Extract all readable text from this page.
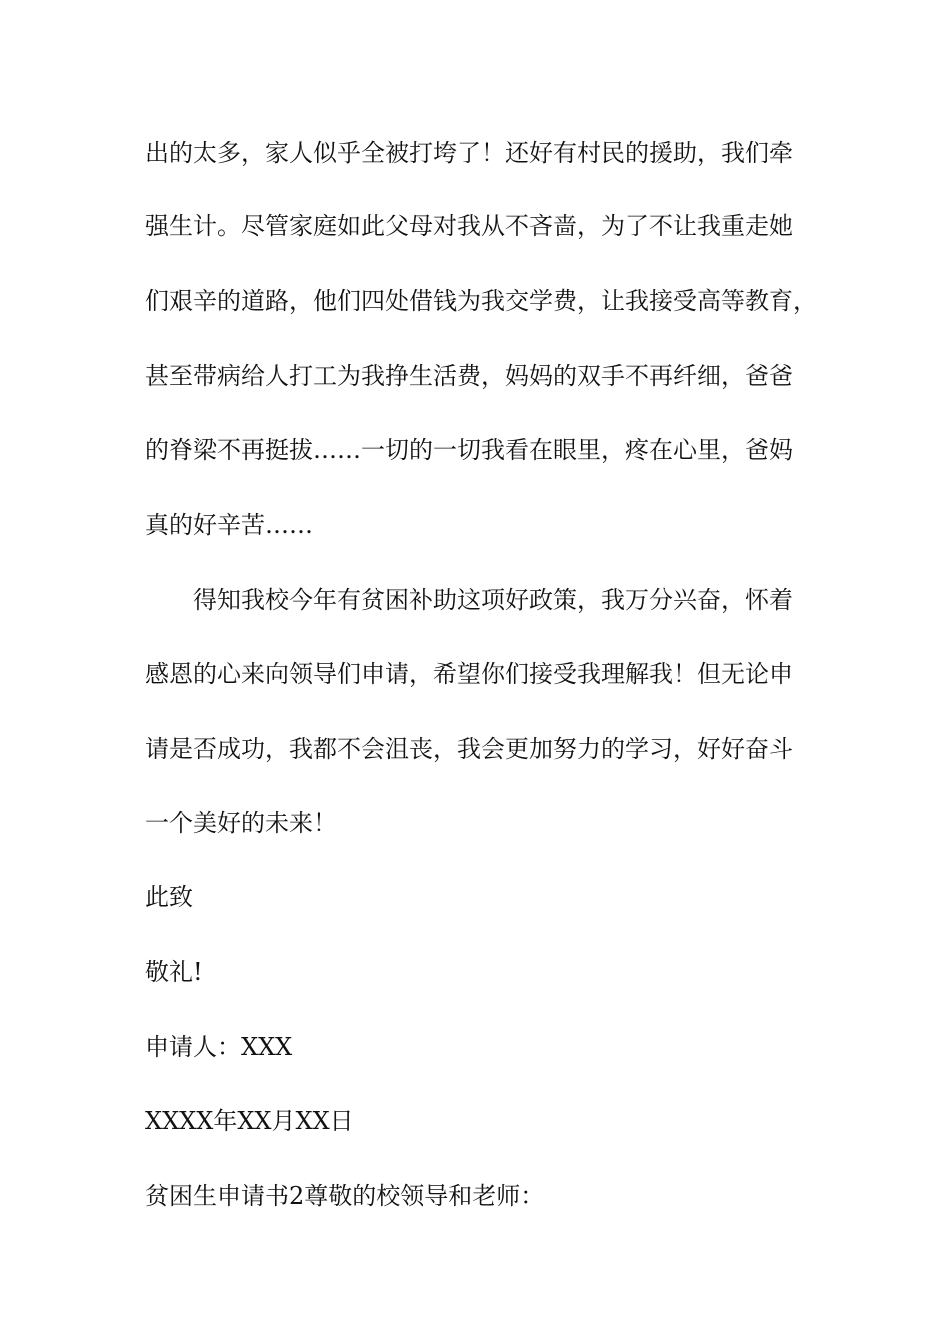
出的太多，家人似乎全被打垮了！还好有村民的援助，我们牵
强生计。尽管家庭如此父母对我从不吝啬，为了不让我重走她
们艰辛的道路，他们四处借钱为我交学费，让我接受高等教育，
甚至带病给人打工为我挣生活费，妈妈的双手不再纤细，爸爸
的脊梁不再挺拔……一切的一切我看在眼里，疼在心里，爸妈
真的好辛苦……
得知我校今年有贫困补助这项好政策，我万分兴奋，怀着
感恩的心来向领导们申请，希望你们接受我理解我！但无论申
请是否成功，我都不会沮丧，我会更加努力的学习，好好奋斗
一个美好的未来！
此致
敬礼!
申请人：XXX
XXXX年XX月XX日
贫困生申请书2尊敬的校领导和老师：
